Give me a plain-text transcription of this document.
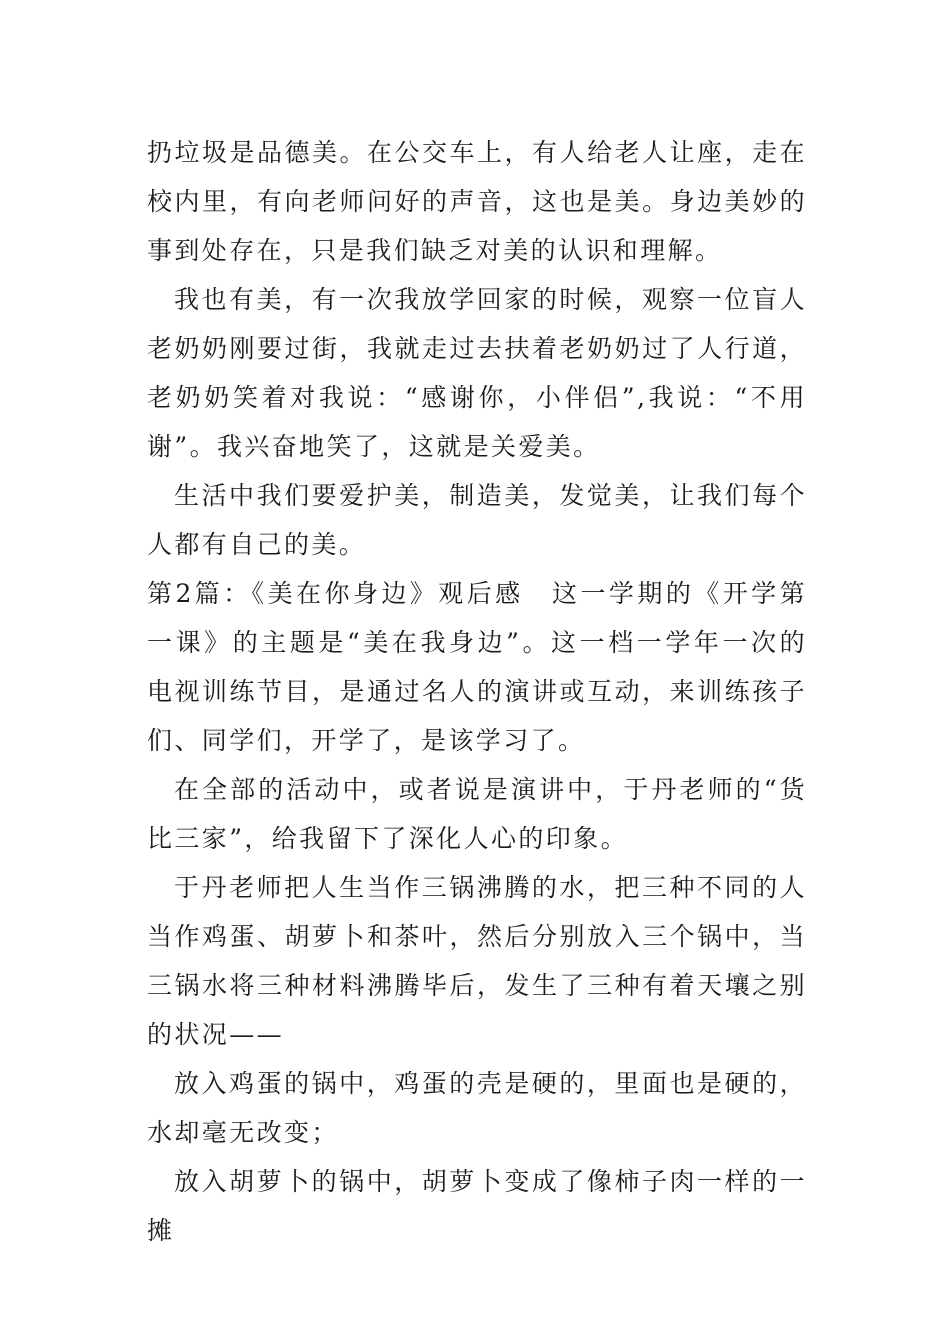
扔垃圾是品德美。在公交车上，有人给老人让座，走在校内里，有向老师问好的声音，这也是美。身边美妙的事到处存在，只是我们缺乏对美的认识和理解。

我也有美，有一次我放学回家的时候，观察一位盲人老奶奶刚要过街，我就走过去扶着老奶奶过了人行道，老奶奶笑着对我说：“感谢你，小伴侣”,我说：“不用谢”。我兴奋地笑了，这就是关爱美。

生活中我们要爱护美，制造美，发觉美，让我们每个人都有自己的美。

第2篇：《美在你身边》观后感　这一学期的《开学第一课》的主题是“美在我身边”。这一档一学年一次的电视训练节目，是通过名人的演讲或互动，来训练孩子们、同学们，开学了，是该学习了。

在全部的活动中，或者说是演讲中，于丹老师的“货比三家”，给我留下了深化人心的印象。

于丹老师把人生当作三锅沸腾的水，把三种不同的人当作鸡蛋、胡萝卜和茶叶，然后分别放入三个锅中，当三锅水将三种材料沸腾毕后，发生了三种有着天壤之别的状况——

放入鸡蛋的锅中，鸡蛋的壳是硬的，里面也是硬的，水却毫无改变；

放入胡萝卜的锅中，胡萝卜变成了像柿子肉一样的一摊
